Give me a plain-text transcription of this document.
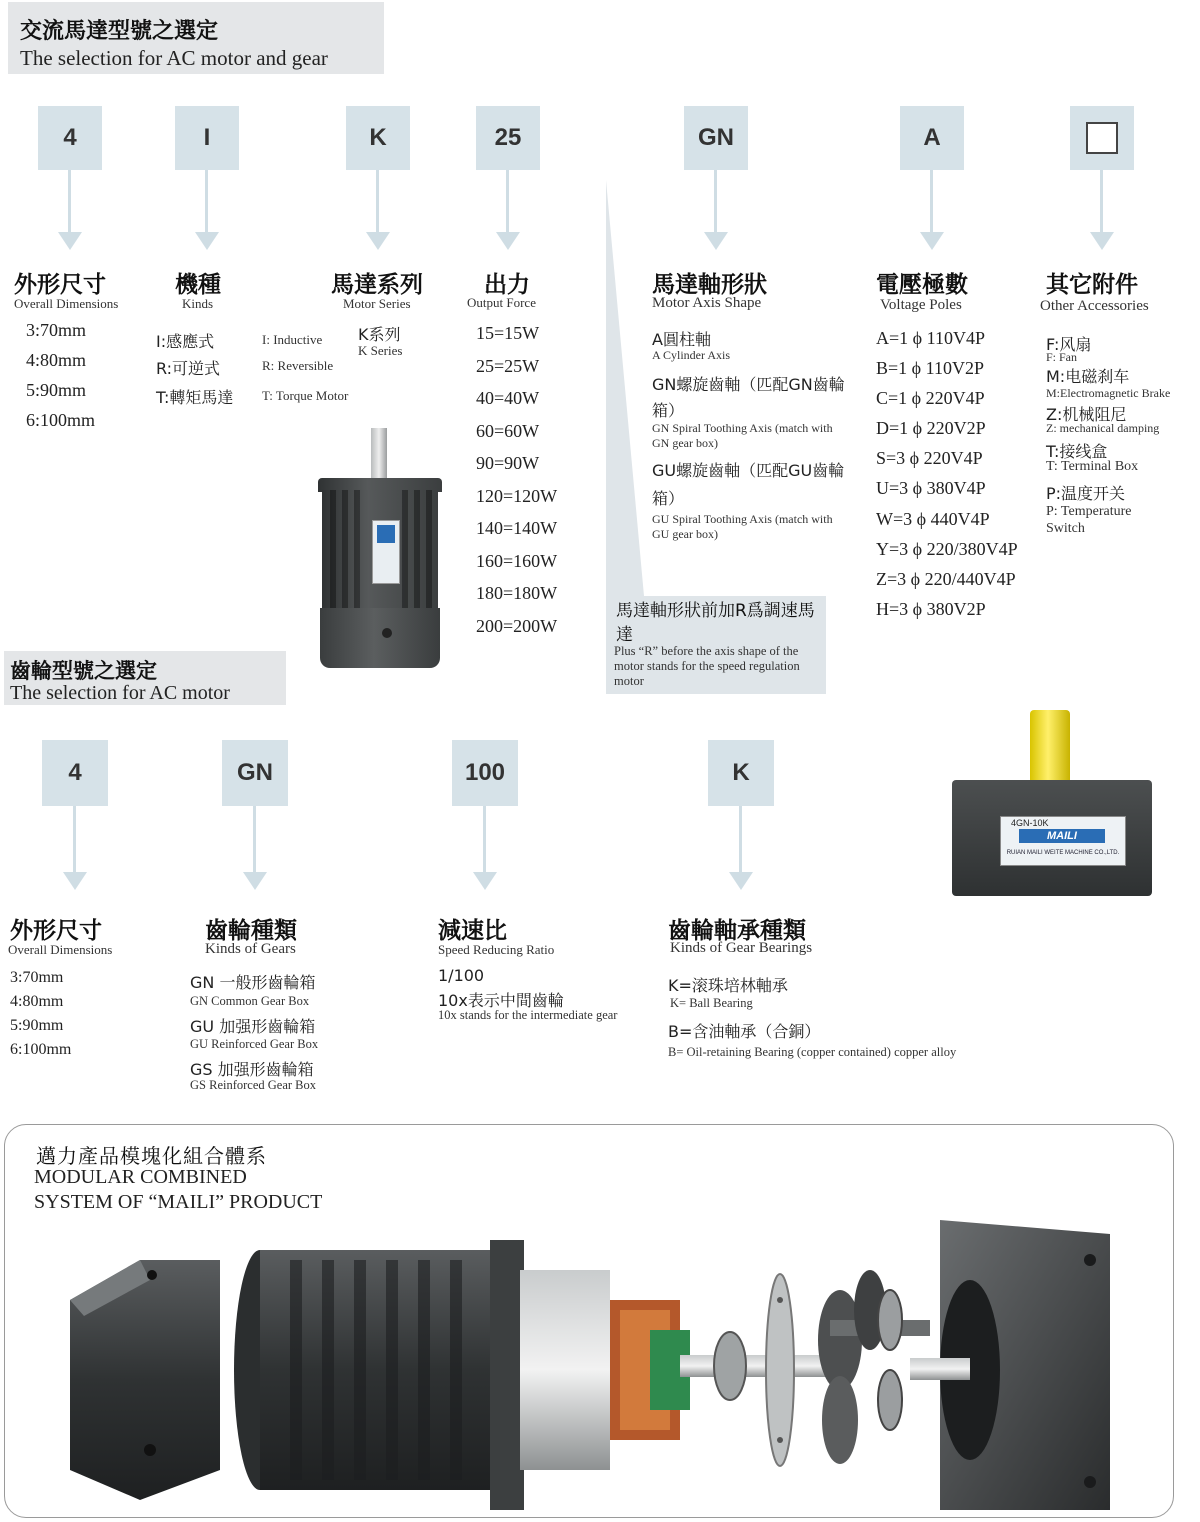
交流馬達型號之選定
The selection for AC motor and gear
4	I	K	25	GN	A
外形尺寸
Overall Dimensions
3:70mm
4:80mm
5:90mm
6:100mm
機種
Kinds
I:感應式	I: Inductive
R:可逆式	R: Reversible
T:轉矩馬達 T: Torque Motor
馬達系列
Motor Series
K系列
K Series
出力
Output Force
15=15W
25=25W
40=40W
60=60W
90=90W
120=120W
140=140W
160=160W
180=180W
200=200W
馬達軸形狀
Motor Axis Shape
A圓柱軸
A Cylinder Axis
GN螺旋齒軸（匹配GN齒輪箱）
GN Spiral Toothing Axis (match with GN gear box)
GU螺旋齒軸（匹配GU齒輪箱）
GU Spiral Toothing Axis (match with GU gear box)
馬達軸形狀前加R爲調速馬達
Plus “R” before the axis shape of the motor stands for the speed regulation motor
電壓極數
Voltage Poles
A=1 ϕ 110V4P
B=1 ϕ 110V2P
C=1 ϕ 220V4P
D=1 ϕ 220V2P
S=3 ϕ 220V4P
U=3 ϕ 380V4P
W=3 ϕ 440V4P
Y=3 ϕ 220/380V4P
Z=3 ϕ 220/440V4P
H=3 ϕ 380V2P
其它附件
Other Accessories
F:风扇
F: Fan
M:电磁刹车
M:Electromagnetic Brake
Z:机械阻尼
Z: mechanical damping
T:接线盒
T: Terminal Box
P:温度开关
P: Temperature Switch
齒輪型號之選定
The selection for AC motor
4	GN	100	K
外形尺寸
Overall Dimensions
3:70mm
4:80mm
5:90mm
6:100mm
齒輪種類
Kinds of Gears
GN 一般形齒輪箱
GN Common Gear Box
GU 加强形齒輪箱
GU Reinforced Gear Box
GS 加强形齒輪箱
GS Reinforced Gear Box
減速比
Speed Reducing Ratio
1/100
10x表示中間齒輪
10x stands for the intermediate gear
齒輪軸承種類
Kinds of Gear Bearings
K=滚珠培林軸承
K= Ball Bearing
B=含油軸承（合銅）
B= Oil-retaining Bearing (copper contained) copper alloy
4GN-10K
MAILI
RUIAN MAILI WEITE MACHINE CO.,LTD.
邁力產品模塊化組合體系
MODULAR COMBINED
SYSTEM OF “MAILI” PRODUCT
